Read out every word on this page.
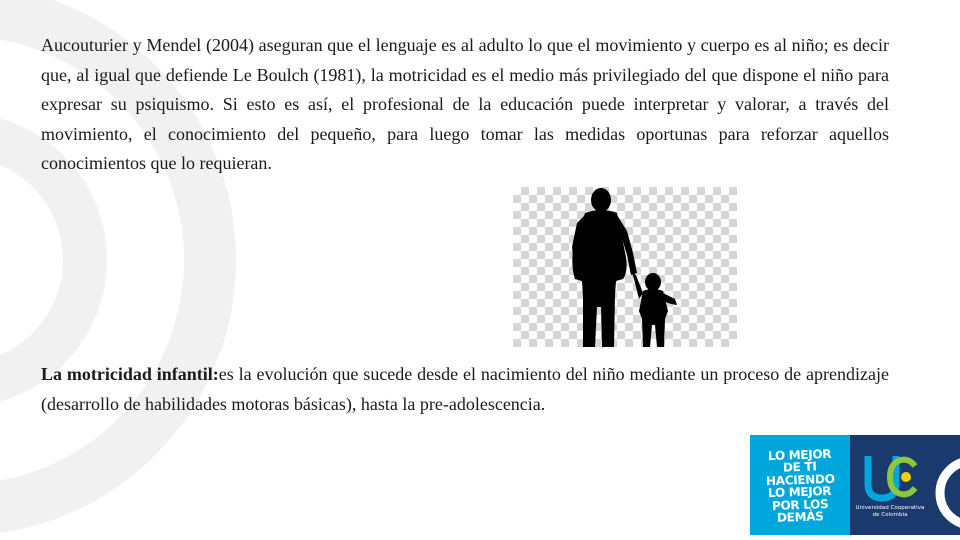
Aucouturier y Mendel (2004) aseguran que el lenguaje es al adulto lo que el movimiento y cuerpo es al niño; es decir que, al igual que defiende Le Boulch (1981), la motricidad es el medio más privilegiado del que dispone el niño para expresar su psiquismo. Si esto es así, el profesional de la educación puede interpretar y valorar, a través del movimiento, el conocimiento del pequeño, para luego tomar las medidas oportunas para reforzar aquellos conocimientos que lo requieran.
La motricidad infantil:es la evolución que sucede desde el nacimiento del niño mediante un proceso de aprendizaje (desarrollo de habilidades motoras básicas), hasta la pre-adolescencia.
LO MEJOR
DE TI
HACIENDO
LO MEJOR
POR LOS
DEMÁS
Universidad Cooperativa
de Colombia
